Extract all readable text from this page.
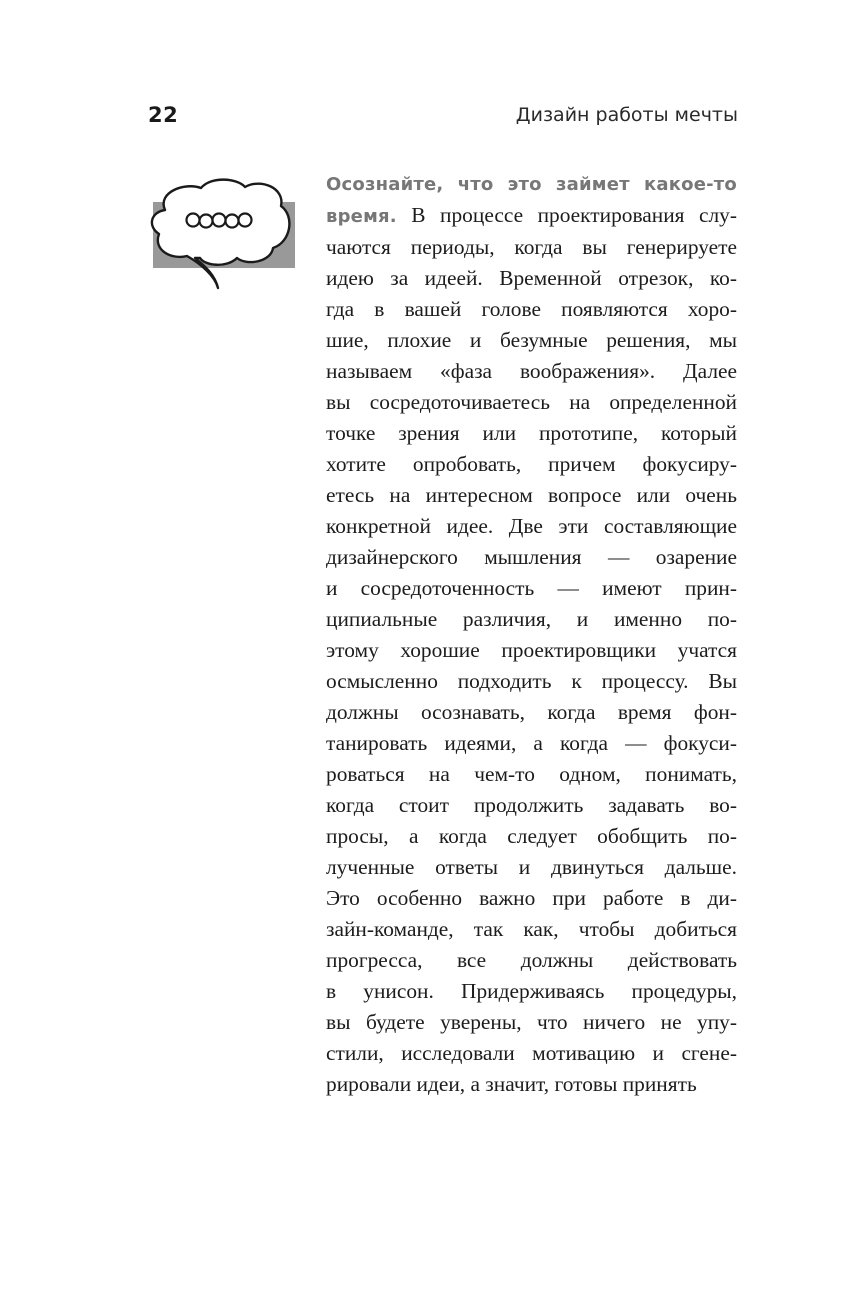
22	Дизайн работы мечты
Осознайте, что это займет какое-то
время. В процессе проектирования слу-
чаются периоды, когда вы генерируете
идею за идеей. Временной отрезок, ко-
гда в вашей голове появляются хоро-
шие, плохие и безумные решения, мы
называем «фаза воображения». Далее
вы сосредоточиваетесь на определенной
точке зрения или прототипе, который
хотите опробовать, причем фокусиру-
етесь на интересном вопросе или очень
конкретной идее. Две эти составляющие
дизайнерского мышления — озарение
и сосредоточенность — имеют прин-
ципиальные различия, и именно по-
этому хорошие проектировщики учатся
осмысленно подходить к процессу. Вы
должны осознавать, когда время фон-
танировать идеями, а когда — фокуси-
роваться на чем-то одном, понимать,
когда стоит продолжить задавать во-
просы, а когда следует обобщить по-
лученные ответы и двинуться дальше.
Это особенно важно при работе в ди-
зайн-команде, так как, чтобы добиться
прогресса, все должны действовать
в унисон. Придерживаясь процедуры,
вы будете уверены, что ничего не упу-
стили, исследовали мотивацию и сгене-
рировали идеи, а значит, готовы принять
